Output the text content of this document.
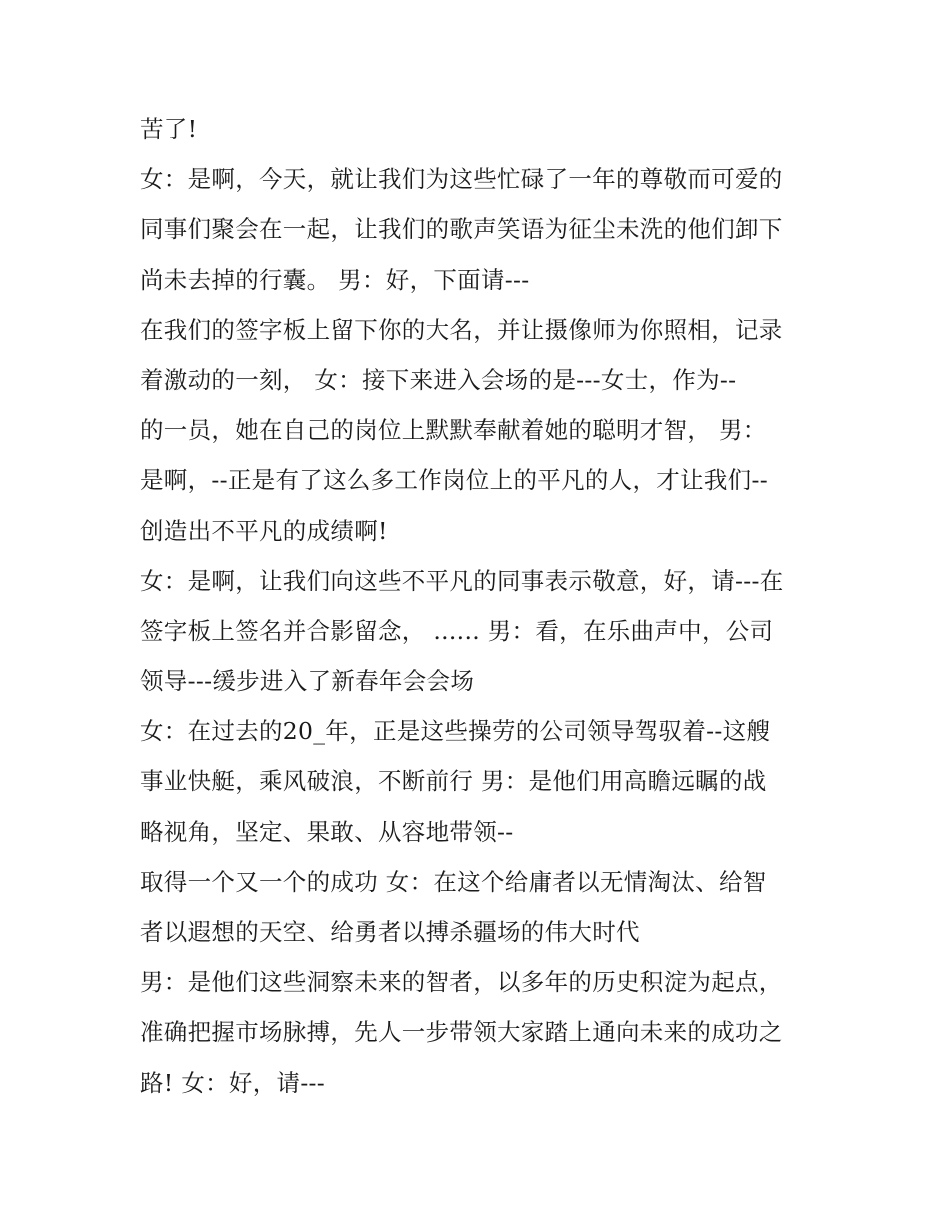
苦了!
女：是啊，今天，就让我们为这些忙碌了一年的尊敬而可爱的
同事们聚会在一起，让我们的歌声笑语为征尘未洗的他们卸下
尚未去掉的行囊。 男：好，下面请---
在我们的签字板上留下你的大名，并让摄像师为你照相，记录
着激动的一刻， 女：接下来进入会场的是---女士，作为--
的一员，她在自己的岗位上默默奉献着她的聪明才智， 男：
是啊，--正是有了这么多工作岗位上的平凡的人，才让我们--
创造出不平凡的成绩啊!
女：是啊，让我们向这些不平凡的同事表示敬意，好，请---在
签字板上签名并合影留念， ...... 男：看，在乐曲声中，公司
领导---缓步进入了新春年会会场
女：在过去的20_年，正是这些操劳的公司领导驾驭着--这艘
事业快艇，乘风破浪，不断前行 男：是他们用高瞻远瞩的战
略视角，坚定、果敢、从容地带领--
取得一个又一个的成功 女：在这个给庸者以无情淘汰、给智
者以遐想的天空、给勇者以搏杀疆场的伟大时代
男：是他们这些洞察未来的智者，以多年的历史积淀为起点，
准确把握市场脉搏，先人一步带领大家踏上通向未来的成功之
路! 女：好，请---
